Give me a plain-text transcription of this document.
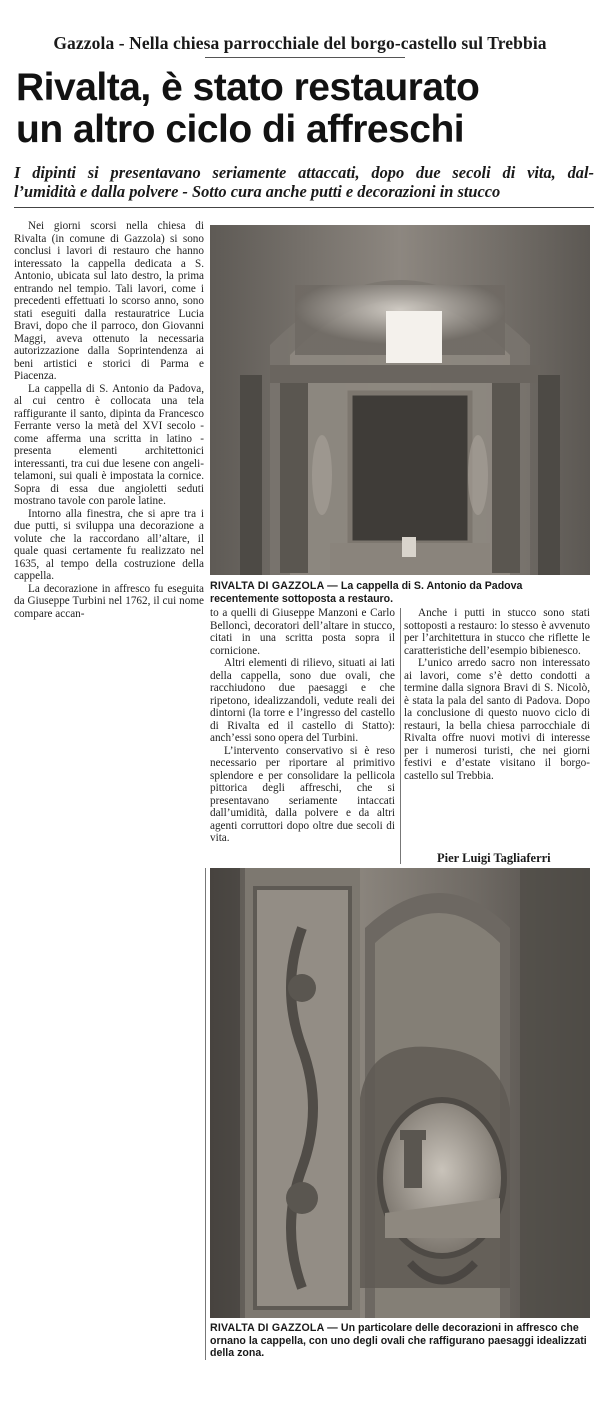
Gazzola - Nella chiesa parrocchiale del borgo-castello sul Trebbia
Rivalta, è stato restaurato
un altro ciclo di affreschi
I dipinti si presentavano seriamente attaccati, dopo due secoli di vita, dal-
l’umidità e dalla polvere - Sotto cura anche putti e decorazioni in stucco

Nei giorni scorsi nella chiesa di Rivalta (in comune di Gazzola) si sono conclusi i lavori di restauro che hanno interessato la cappella dedicata a S. Antonio, ubicata sul lato destro, la prima entrando nel tempio. Tali lavori, come i precedenti effettuati lo scorso anno, sono stati eseguiti dalla restauratrice Lucia Bravi, dopo che il parroco, don Giovanni Maggi, aveva ottenuto la necessaria autorizzazione dalla Soprintendenza ai beni artistici e storici di Parma e Piacenza.

La cappella di S. Antonio da Padova, al cui centro è collocata una tela raffigurante il santo, dipinta da Francesco Ferrante verso la metà del XVI secolo - come afferma una scritta in latino - presenta elementi architettonici interessanti, tra cui due lesene con angeli-telamoni, sui quali è impostata la cornice. Sopra di essa due angioletti seduti mostrano tavole con parole latine.

Intorno alla finestra, che si apre tra i due putti, si sviluppa una decorazione a volute che la raccordano all’altare, il quale quasi certamente fu realizzato nel 1635, al tempo della costruzione della cappella.

La decorazione in affresco fu eseguita da Giuseppe Turbini nel 1762, il cui nome compare accan-

RIVALTA DI GAZZOLA — La cappella di S. Antonio da Padova recentemente sottoposta a restauro.

to a quelli di Giuseppe Manzoni e Carlo Belloncì, decoratori dell’altare in stucco, citati in una scritta posta sopra il cornicione.

Altri elementi di rilievo, situati ai lati della cappella, sono due ovali, che racchiudono due paesaggi e che ripetono, idealizzandoli, vedute reali dei dintorni (la torre e l’ingresso del castello di Rivalta ed il castello di Statto): anch’essi sono opera del Turbini.

L’intervento conservativo si è reso necessario per riportare al primitivo splendore e per consolidare la pellicola pittorica degli affreschi, che si presentavano seriamente intaccati dall’umidità, dalla polvere e da altri agenti corruttori dopo oltre due secoli di vita.

Anche i putti in stucco sono stati sottoposti a restauro: lo stesso è avvenuto per l’architettura in stucco che riflette le caratteristiche dell’esempio bibienesco.

L’unico arredo sacro non interessato ai lavori, come s’è detto condotti a termine dalla signora Bravi di S. Nicolò, è stata la pala del santo di Padova. Dopo la conclusione di questo nuovo ciclo di restauri, la bella chiesa parrocchiale di Rivalta offre nuovi motivi di interesse per i numerosi turisti, che nei giorni festivi e d’estate visitano il borgo-castello sul Trebbia.

Pier Luigi Tagliaferri
RIVALTA DI GAZZOLA — Un particolare delle decorazioni in affresco che ornano la cappella, con uno degli ovali che raffigurano paesaggi idealizzati della zona.
